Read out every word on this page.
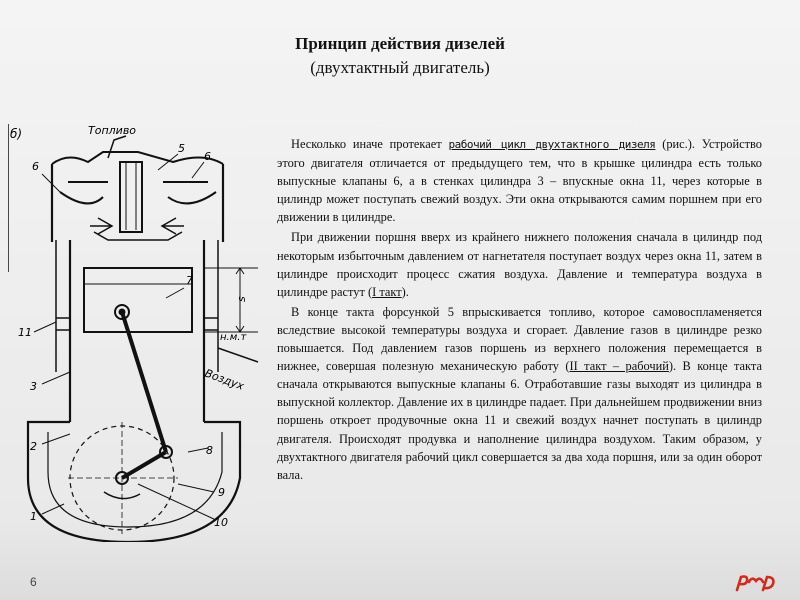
Принцип действия дизелей
(двухтактный двигатель)
б)	Топливо
6
5
6
7
s
н.м.т
Воздух
11
3
2
1
8
9
10

Несколько иначе протекает рабочий цикл двухтактного дизеля (рис.). Устройство этого двигателя отличается от предыдущего тем, что в крышке цилиндра есть только выпускные клапаны 6, а в стенках цилиндра 3 – впускные окна 11, через которые в цилиндр может поступать свежий воздух. Эти окна открываются самим поршнем при его движении в цилиндре.

При движении поршня вверх из крайнего нижнего положения сначала в цилиндр под некоторым избыточным давлением от нагнетателя поступает воздух через окна 11, затем в цилиндре происходит процесс сжатия воздуха. Давление и температура воздуха в цилиндре растут (I такт).

В конце такта форсункой 5 впрыскивается топливо, которое самовоспламеняется вследствие высокой температуры воздуха и сгорает. Давление газов в цилиндре резко повышается. Под давлением газов поршень из верхнего положения перемещается в нижнее, совершая полезную механическую работу (II такт – рабочий). В конце такта сначала открываются выпускные клапаны 6. Отработавшие газы выходят из цилиндра в выпускной коллектор. Давление их в цилиндре падает. При дальнейшем продвижении вниз поршень откроет продувочные окна 11 и свежий воздух начнет поступать в цилиндр двигателя. Происходят продувка и наполнение цилиндра воздухом. Таким образом, у двухтактного двигателя рабочий цикл совершается за два хода поршня, или за один оборот вала.

6
